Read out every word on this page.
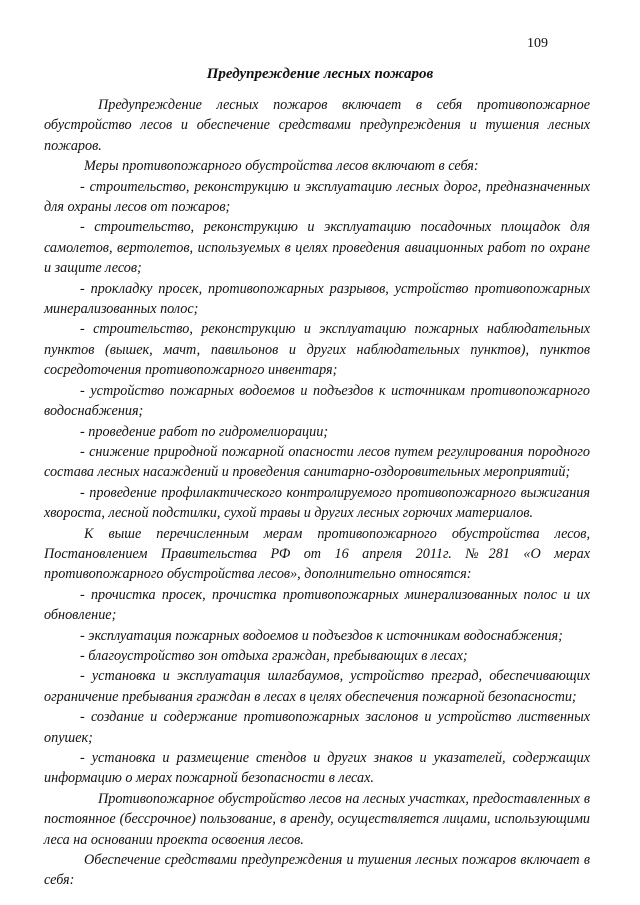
109
Предупреждение лесных пожаров

Предупреждение лесных пожаров включает в себя противопожарное обустройство лесов и обеспечение средствами предупреждения и тушения лесных пожаров.

Меры противопожарного обустройства лесов включают в себя:

- строительство, реконструкцию и эксплуатацию лесных дорог, предназначенных для охраны лесов от пожаров;

- строительство, реконструкцию и эксплуатацию посадочных площадок для самолетов, вертолетов, используемых в целях проведения авиационных работ по охране и защите лесов;

- прокладку просек, противопожарных разрывов, устройство противопожарных минерализованных полос;

- строительство, реконструкцию и эксплуатацию пожарных наблюдательных пунктов (вышек, мачт, павильонов и других наблюдательных пунктов), пунктов сосредоточения противопожарного инвентаря;

- устройство пожарных водоемов и подъездов к источникам противопожарного водоснабжения;

- проведение работ по гидромелиорации;

- снижение природной пожарной опасности лесов путем регулирования породного состава лесных насаждений и проведения санитарно-оздоровительных мероприятий;

- проведение профилактического контролируемого противопожарного выжигания хвороста, лесной подстилки, сухой травы и других лесных горючих материалов.

К выше перечисленным мерам противопожарного обустройства лесов, Постановлением Правительства РФ от 16 апреля 2011г. №281 «О мерах противопожарного обустройства лесов», дополнительно относятся:

- прочистка просек, прочистка противопожарных минерализованных полос и их обновление;

- эксплуатация пожарных водоемов и подъездов к источникам водоснабжения;

- благоустройство зон отдыха граждан, пребывающих в лесах;

- установка и эксплуатация шлагбаумов, устройство преград, обеспечивающих ограничение пребывания граждан в лесах в целях обеспечения пожарной безопасности;

- создание и содержание противопожарных заслонов и устройство лиственных опушек;

- установка и размещение стендов и других знаков и указателей, содержащих информацию о мерах пожарной безопасности в лесах.

Противопожарное обустройство лесов на лесных участках, предоставленных в постоянное (бессрочное) пользование, в аренду, осуществляется лицами, использующими леса на основании проекта освоения лесов.

Обеспечение средствами предупреждения и тушения лесных пожаров включает в себя:
